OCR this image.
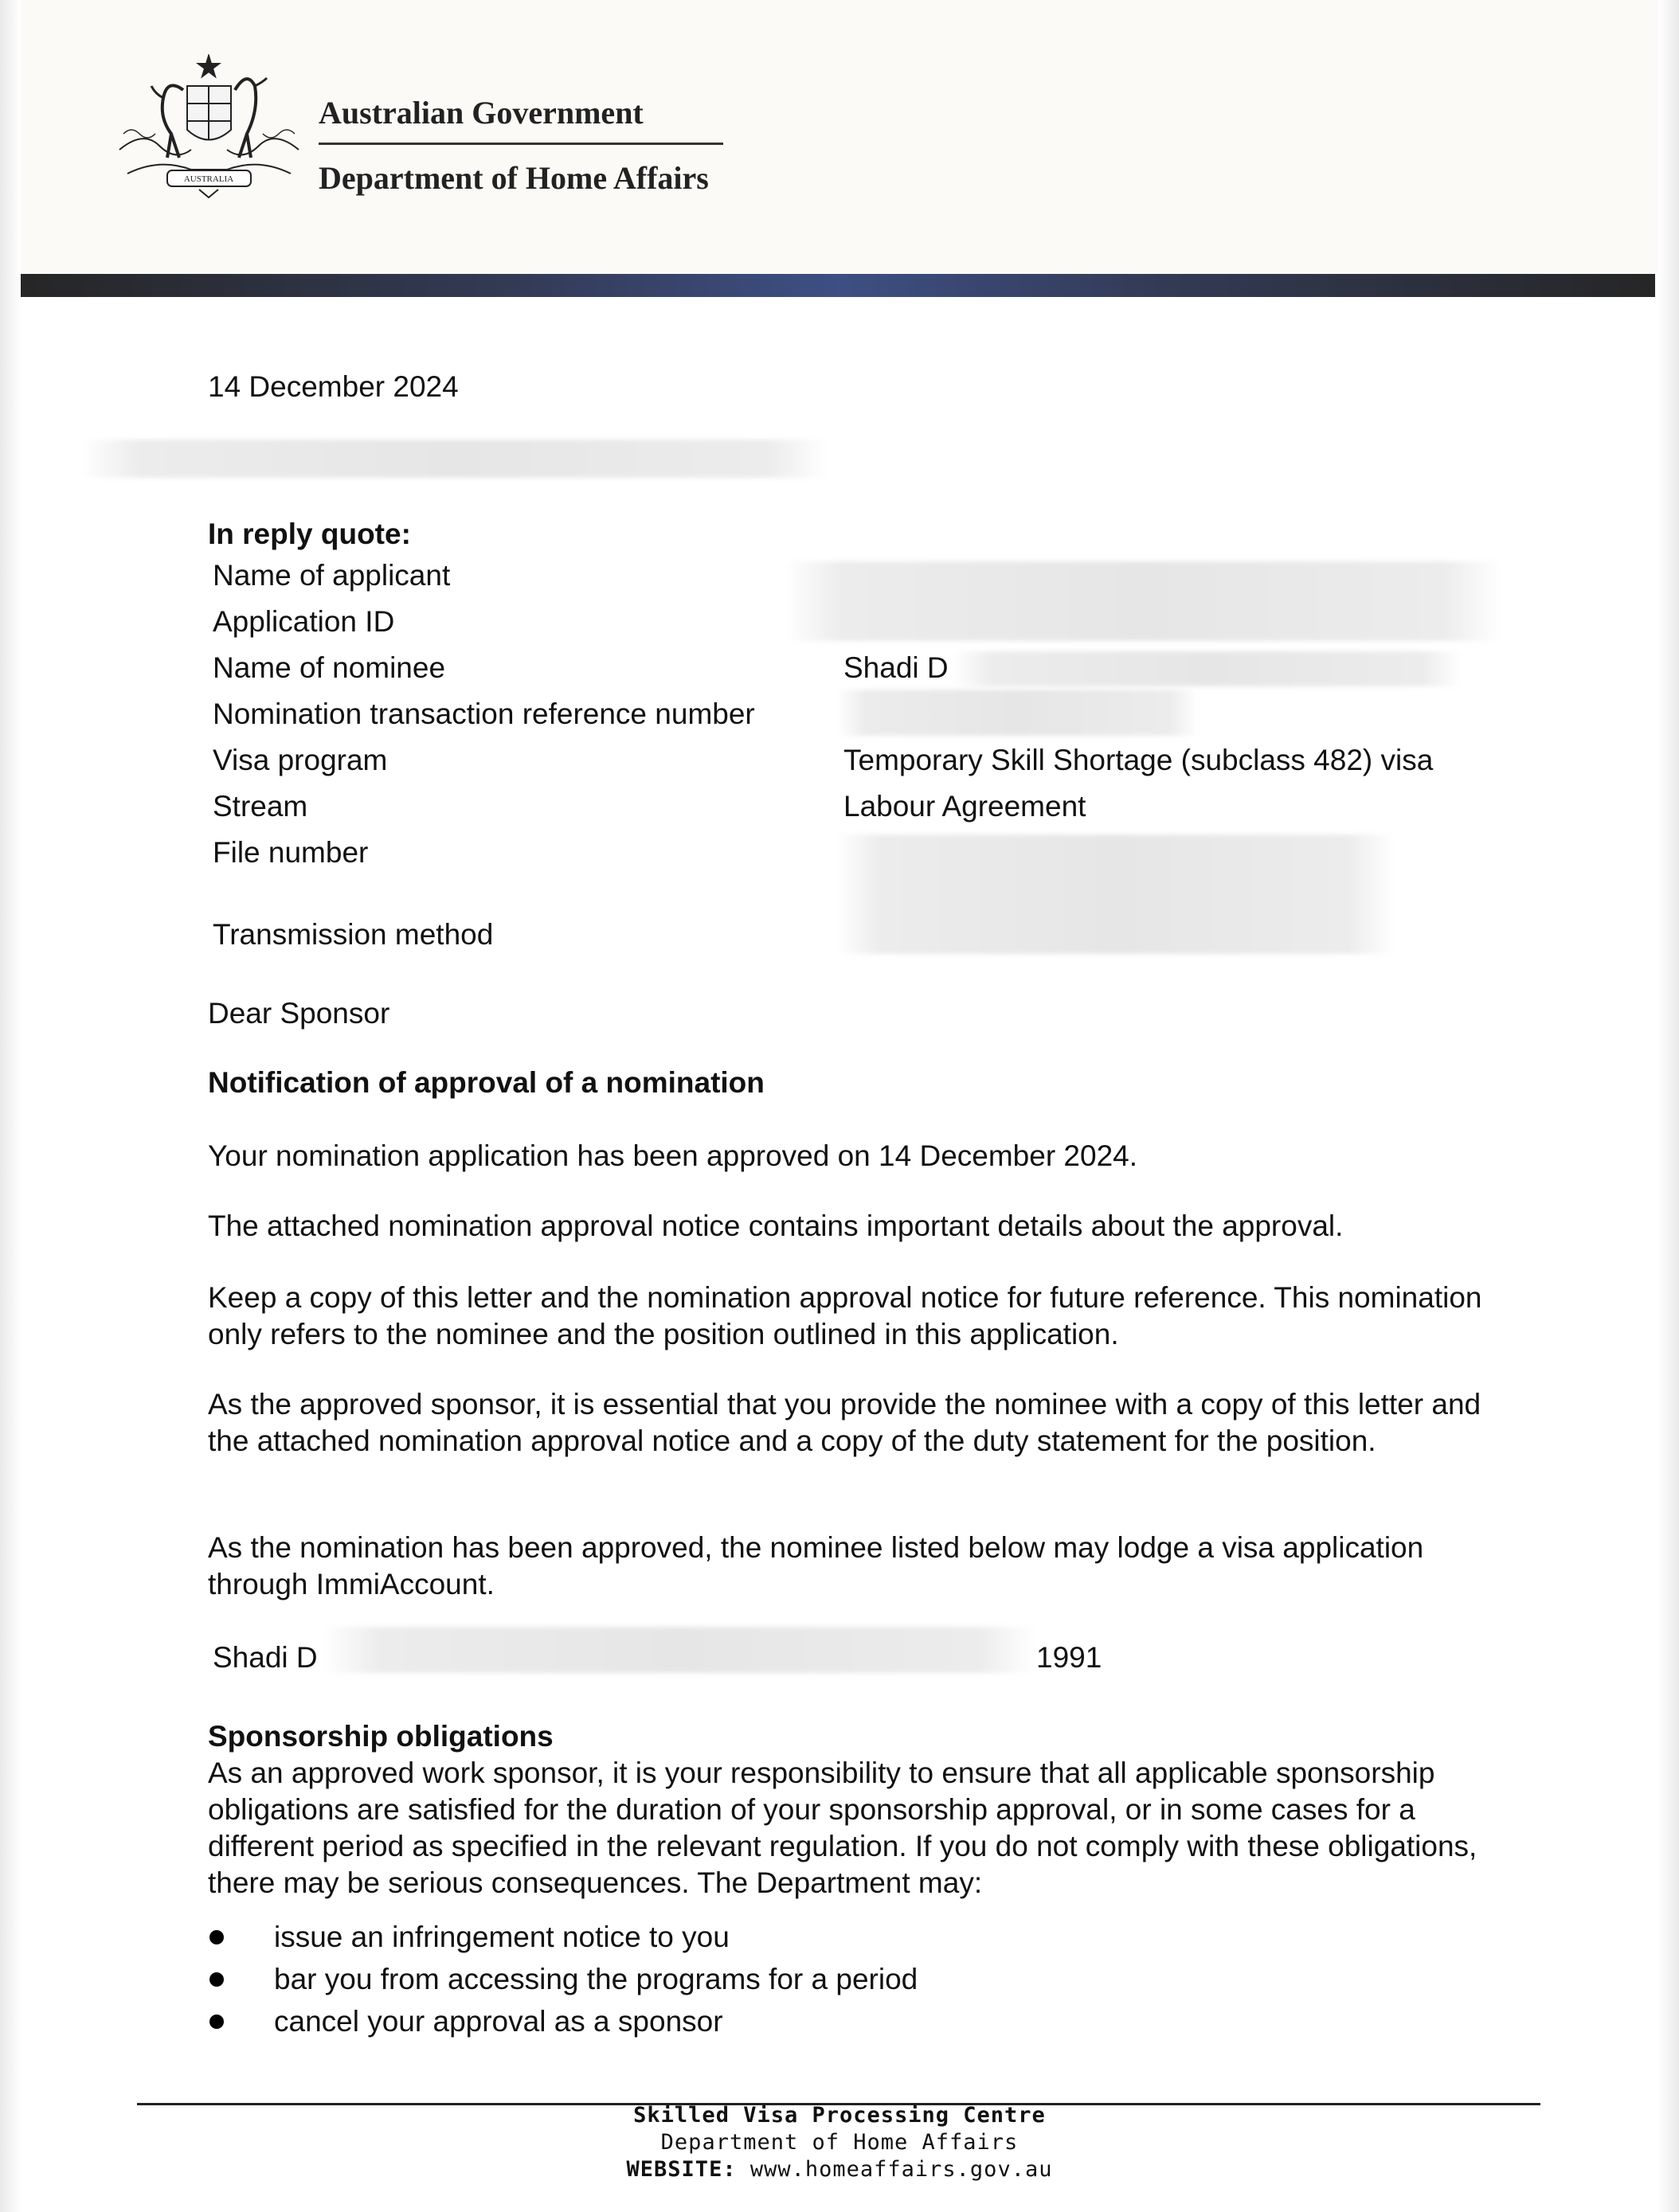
AUSTRALIA
Australian Government
Department of Home Affairs
14 December 2024
In reply quote:
Name of applicant
Application ID
Name of nominee
Nomination transaction reference number
Visa program
Stream
File number
Transmission method
Shadi D
Temporary Skill Shortage (subclass 482) visa
Labour Agreement
Dear Sponsor
Notification of approval of a nomination
Your nomination application has been approved on 14 December 2024.
The attached nomination approval notice contains important details about the approval.
Keep a copy of this letter and the nomination approval notice for future reference. This nomination only refers to the nominee and the position outlined in this application.
As the approved sponsor, it is essential that you provide the nominee with a copy of this letter and the attached nomination approval notice and a copy of the duty statement for the position.
As the nomination has been approved, the nominee listed below may lodge a visa application through ImmiAccount.
Shadi D	1991
Sponsorship obligations
As an approved work sponsor, it is your responsibility to ensure that all applicable sponsorship obligations are satisfied for the duration of your sponsorship approval, or in some cases for a different period as specified in the relevant regulation. If you do not comply with these obligations, there may be serious consequences. The Department may:
issue an infringement notice to you
bar you from accessing the programs for a period
cancel your approval as a sponsor
Skilled Visa Processing Centre
Department of Home Affairs
WEBSITE: www.homeaffairs.gov.au
